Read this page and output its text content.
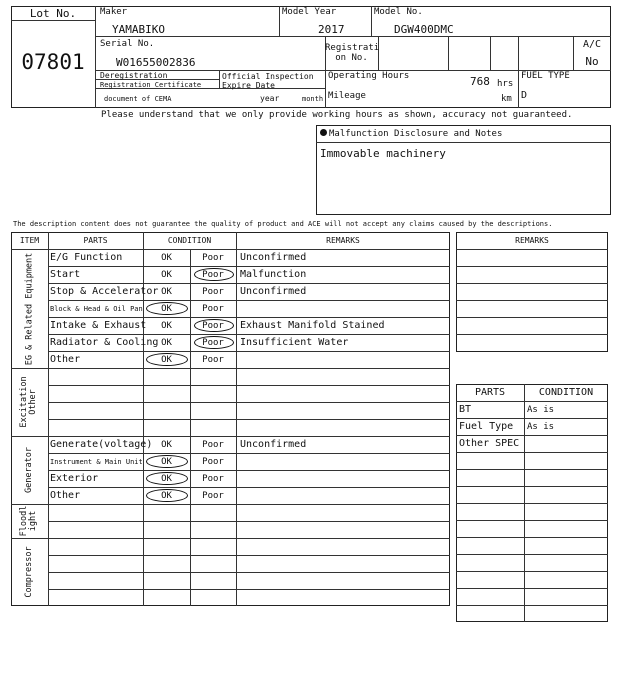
Lot No.
07801
Maker
YAMABIKO
Model Year
2017
Model No.
DGW400DMC
Serial No.
W01655002836
Registrati
on No.
A/C
No
Deregistration
Registration Certificate
document of CEMA
Official Inspection
Expire Date
year	month
Operating Hours	768 hrs
Mileage	km
FUEL TYPE
D
Please understand that we only provide working hours as shown, accuracy not guaranteed.
Malfunction Disclosure and Notes
Immovable machinery
The description content does not guarantee the quality of product and ACE will not accept any claims caused by the descriptions.
ITEM	PARTS	CONDITION	REMARKS
EG & Related Equipment	E/G Function	OK	Poor	Unconfirmed
Start	OK	Poor	Malfunction
Stop & Accelerator OK	Poor	Unconfirmed
Block & Head & Oil Pan	OK	Poor
Intake & Exhaust	OK	Poor	Exhaust Manifold Stained
Radiator & Cooling OK	Poor	Insufficient Water
Other	OK	Poor
Excitation
Other
Generator
Generate(voltage) OK	Poor	Unconfirmed
Instrument & Main Unit	OK	Poor
Exterior	OK	Poor
Other	OK	Poor
Floodl
ight
Compressor
REMARKS
PARTS	CONDITION
BT	As is
Fuel Type As is
Other SPEC
